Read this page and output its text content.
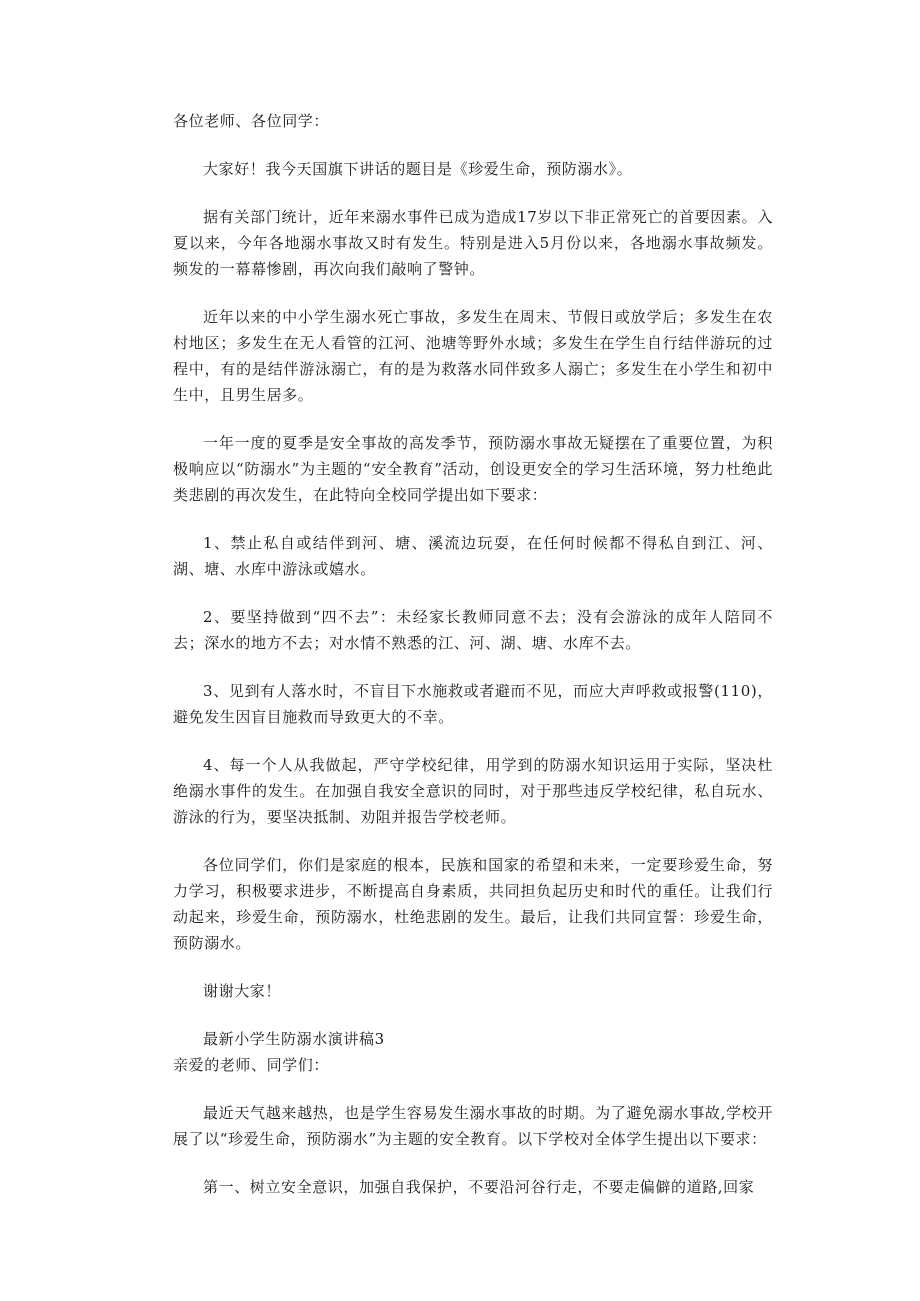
各位老师、各位同学：

大家好！我今天国旗下讲话的题目是《珍爱生命，预防溺水》。

据有关部门统计，近年来溺水事件已成为造成17岁以下非正常死亡的首要因素。入夏以来，今年各地溺水事故又时有发生。特别是进入5月份以来，各地溺水事故频发。频发的一幕幕惨剧，再次向我们敲响了警钟。

近年以来的中小学生溺水死亡事故，多发生在周末、节假日或放学后；多发生在农村地区；多发生在无人看管的江河、池塘等野外水域；多发生在学生自行结伴游玩的过程中，有的是结伴游泳溺亡，有的是为救落水同伴致多人溺亡；多发生在小学生和初中生中，且男生居多。

一年一度的夏季是安全事故的高发季节，预防溺水事故无疑摆在了重要位置，为积极响应以“防溺水”为主题的“安全教育”活动，创设更安全的学习生活环境，努力杜绝此类悲剧的再次发生，在此特向全校同学提出如下要求：

1、禁止私自或结伴到河、塘、溪流边玩耍，在任何时候都不得私自到江、河、湖、塘、水库中游泳或嬉水。

2、要坚持做到“四不去”：未经家长教师同意不去；没有会游泳的成年人陪同不去；深水的地方不去；对水情不熟悉的江、河、湖、塘、水库不去。

3、见到有人落水时，不盲目下水施救或者避而不见，而应大声呼救或报警(110)，避免发生因盲目施救而导致更大的不幸。

4、每一个人从我做起，严守学校纪律，用学到的防溺水知识运用于实际，坚决杜绝溺水事件的发生。在加强自我安全意识的同时，对于那些违反学校纪律，私自玩水、游泳的行为，要坚决抵制、劝阻并报告学校老师。

各位同学们，你们是家庭的根本，民族和国家的希望和未来，一定要珍爱生命，努力学习，积极要求进步，不断提高自身素质，共同担负起历史和时代的重任。让我们行动起来，珍爱生命，预防溺水，杜绝悲剧的发生。最后，让我们共同宣誓：珍爱生命，预防溺水。

谢谢大家！

最新小学生防溺水演讲稿3

亲爱的老师、同学们：

最近天气越来越热，也是学生容易发生溺水事故的时期。为了避免溺水事故,学校开展了以“珍爱生命，预防溺水”为主题的安全教育。以下学校对全体学生提出以下要求：

第一、树立安全意识，加强自我保护，不要沿河谷行走，不要走偏僻的道路,回家
